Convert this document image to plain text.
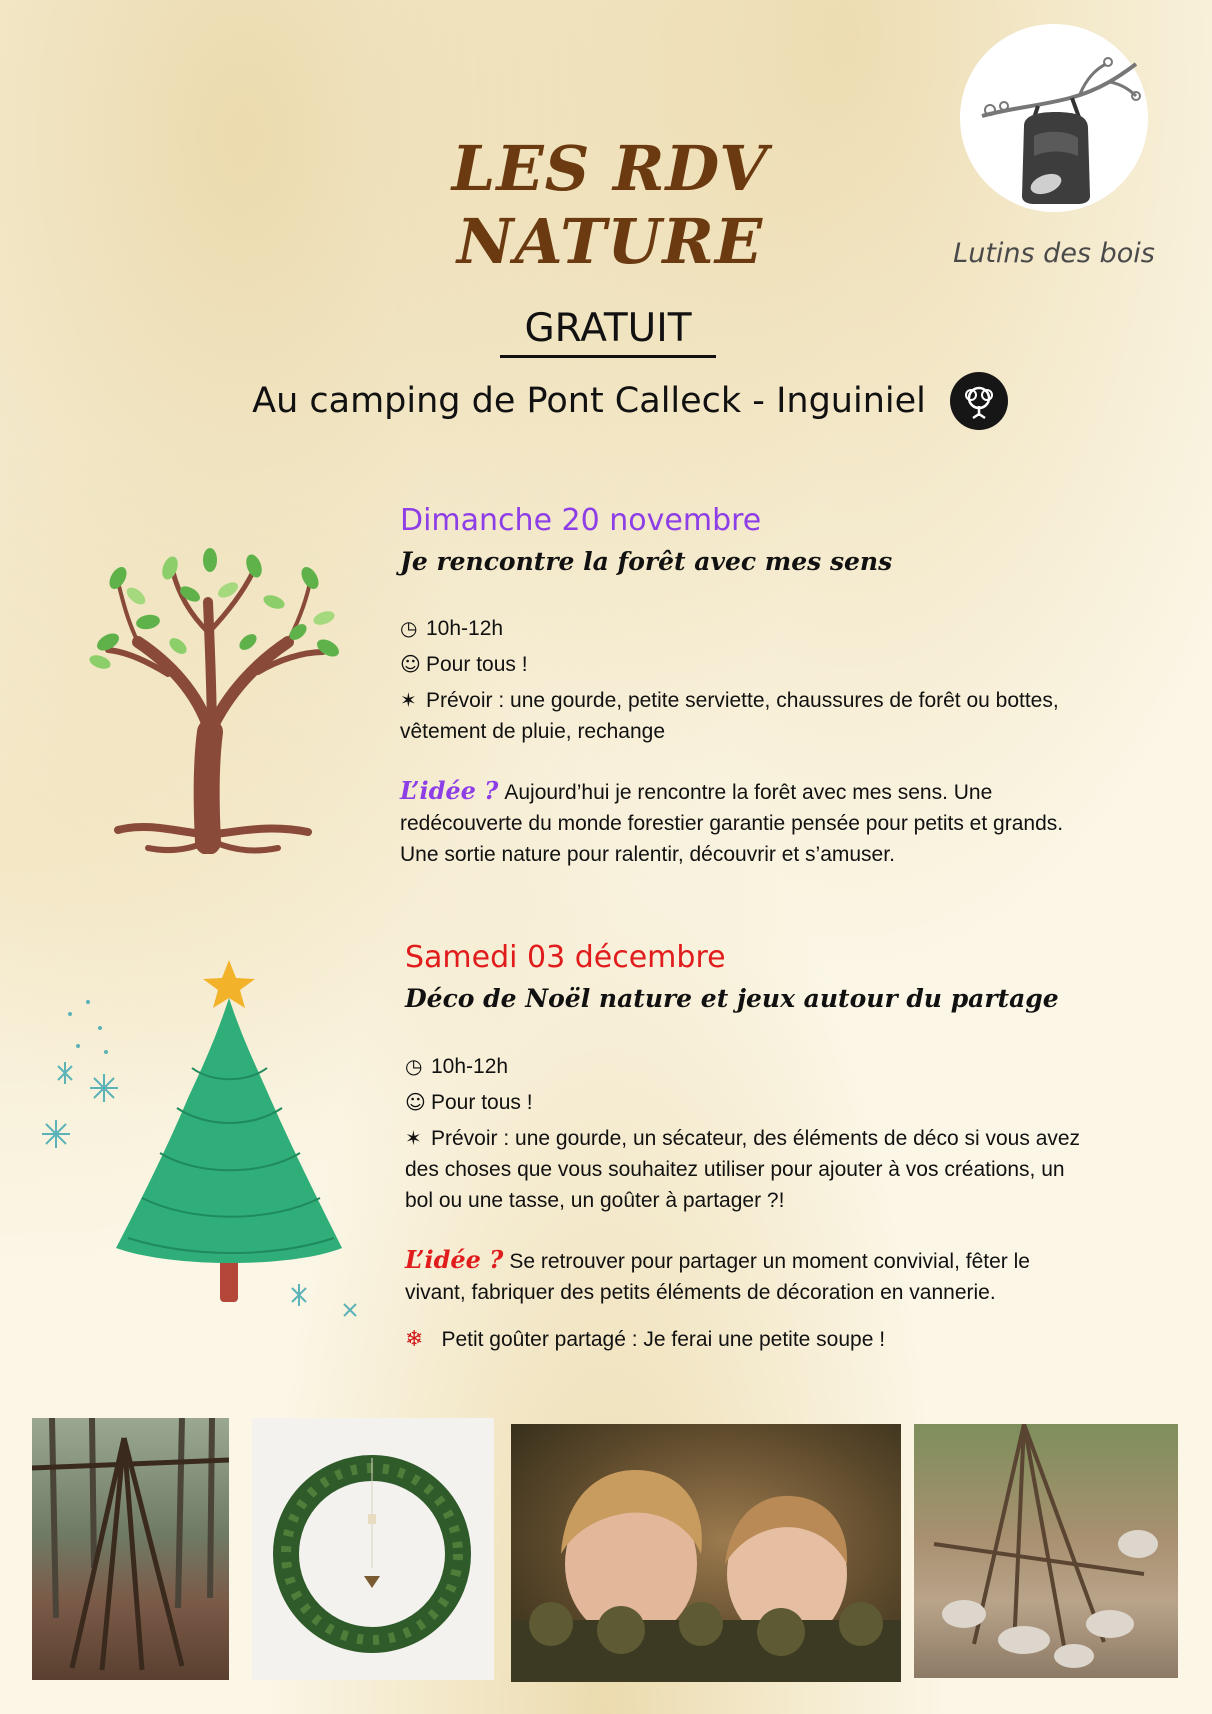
LES RDV NATURE	Lutins des bois
GRATUIT
Au camping de Pont Calleck - Inguiniel
Dimanche 20 novembre
Je rencontre la forêt avec mes sens
◷ 10h-12h
☺ Pour tous !
✶ Prévoir : une gourde, petite serviette, chaussures de forêt ou bottes, vêtement de pluie, rechange
L’idée ? Aujourd’hui je rencontre la forêt avec mes sens. Une redécouverte du monde forestier garantie pensée pour petits et grands. Une sortie nature pour ralentir, découvrir et s’amuser.
Samedi 03 décembre
Déco de Noël nature et jeux autour du partage
◷ 10h-12h
☺ Pour tous !
✶ Prévoir : une gourde, un sécateur, des éléments de déco si vous avez des choses que vous souhaitez utiliser pour ajouter à vos créations, un bol ou une tasse, un goûter à partager ?!
L’idée ? Se retrouver pour partager un moment convivial, fêter le vivant, fabriquer des petits éléments de décoration en vannerie.
❄ Petit goûter partagé : Je ferai une petite soupe !
